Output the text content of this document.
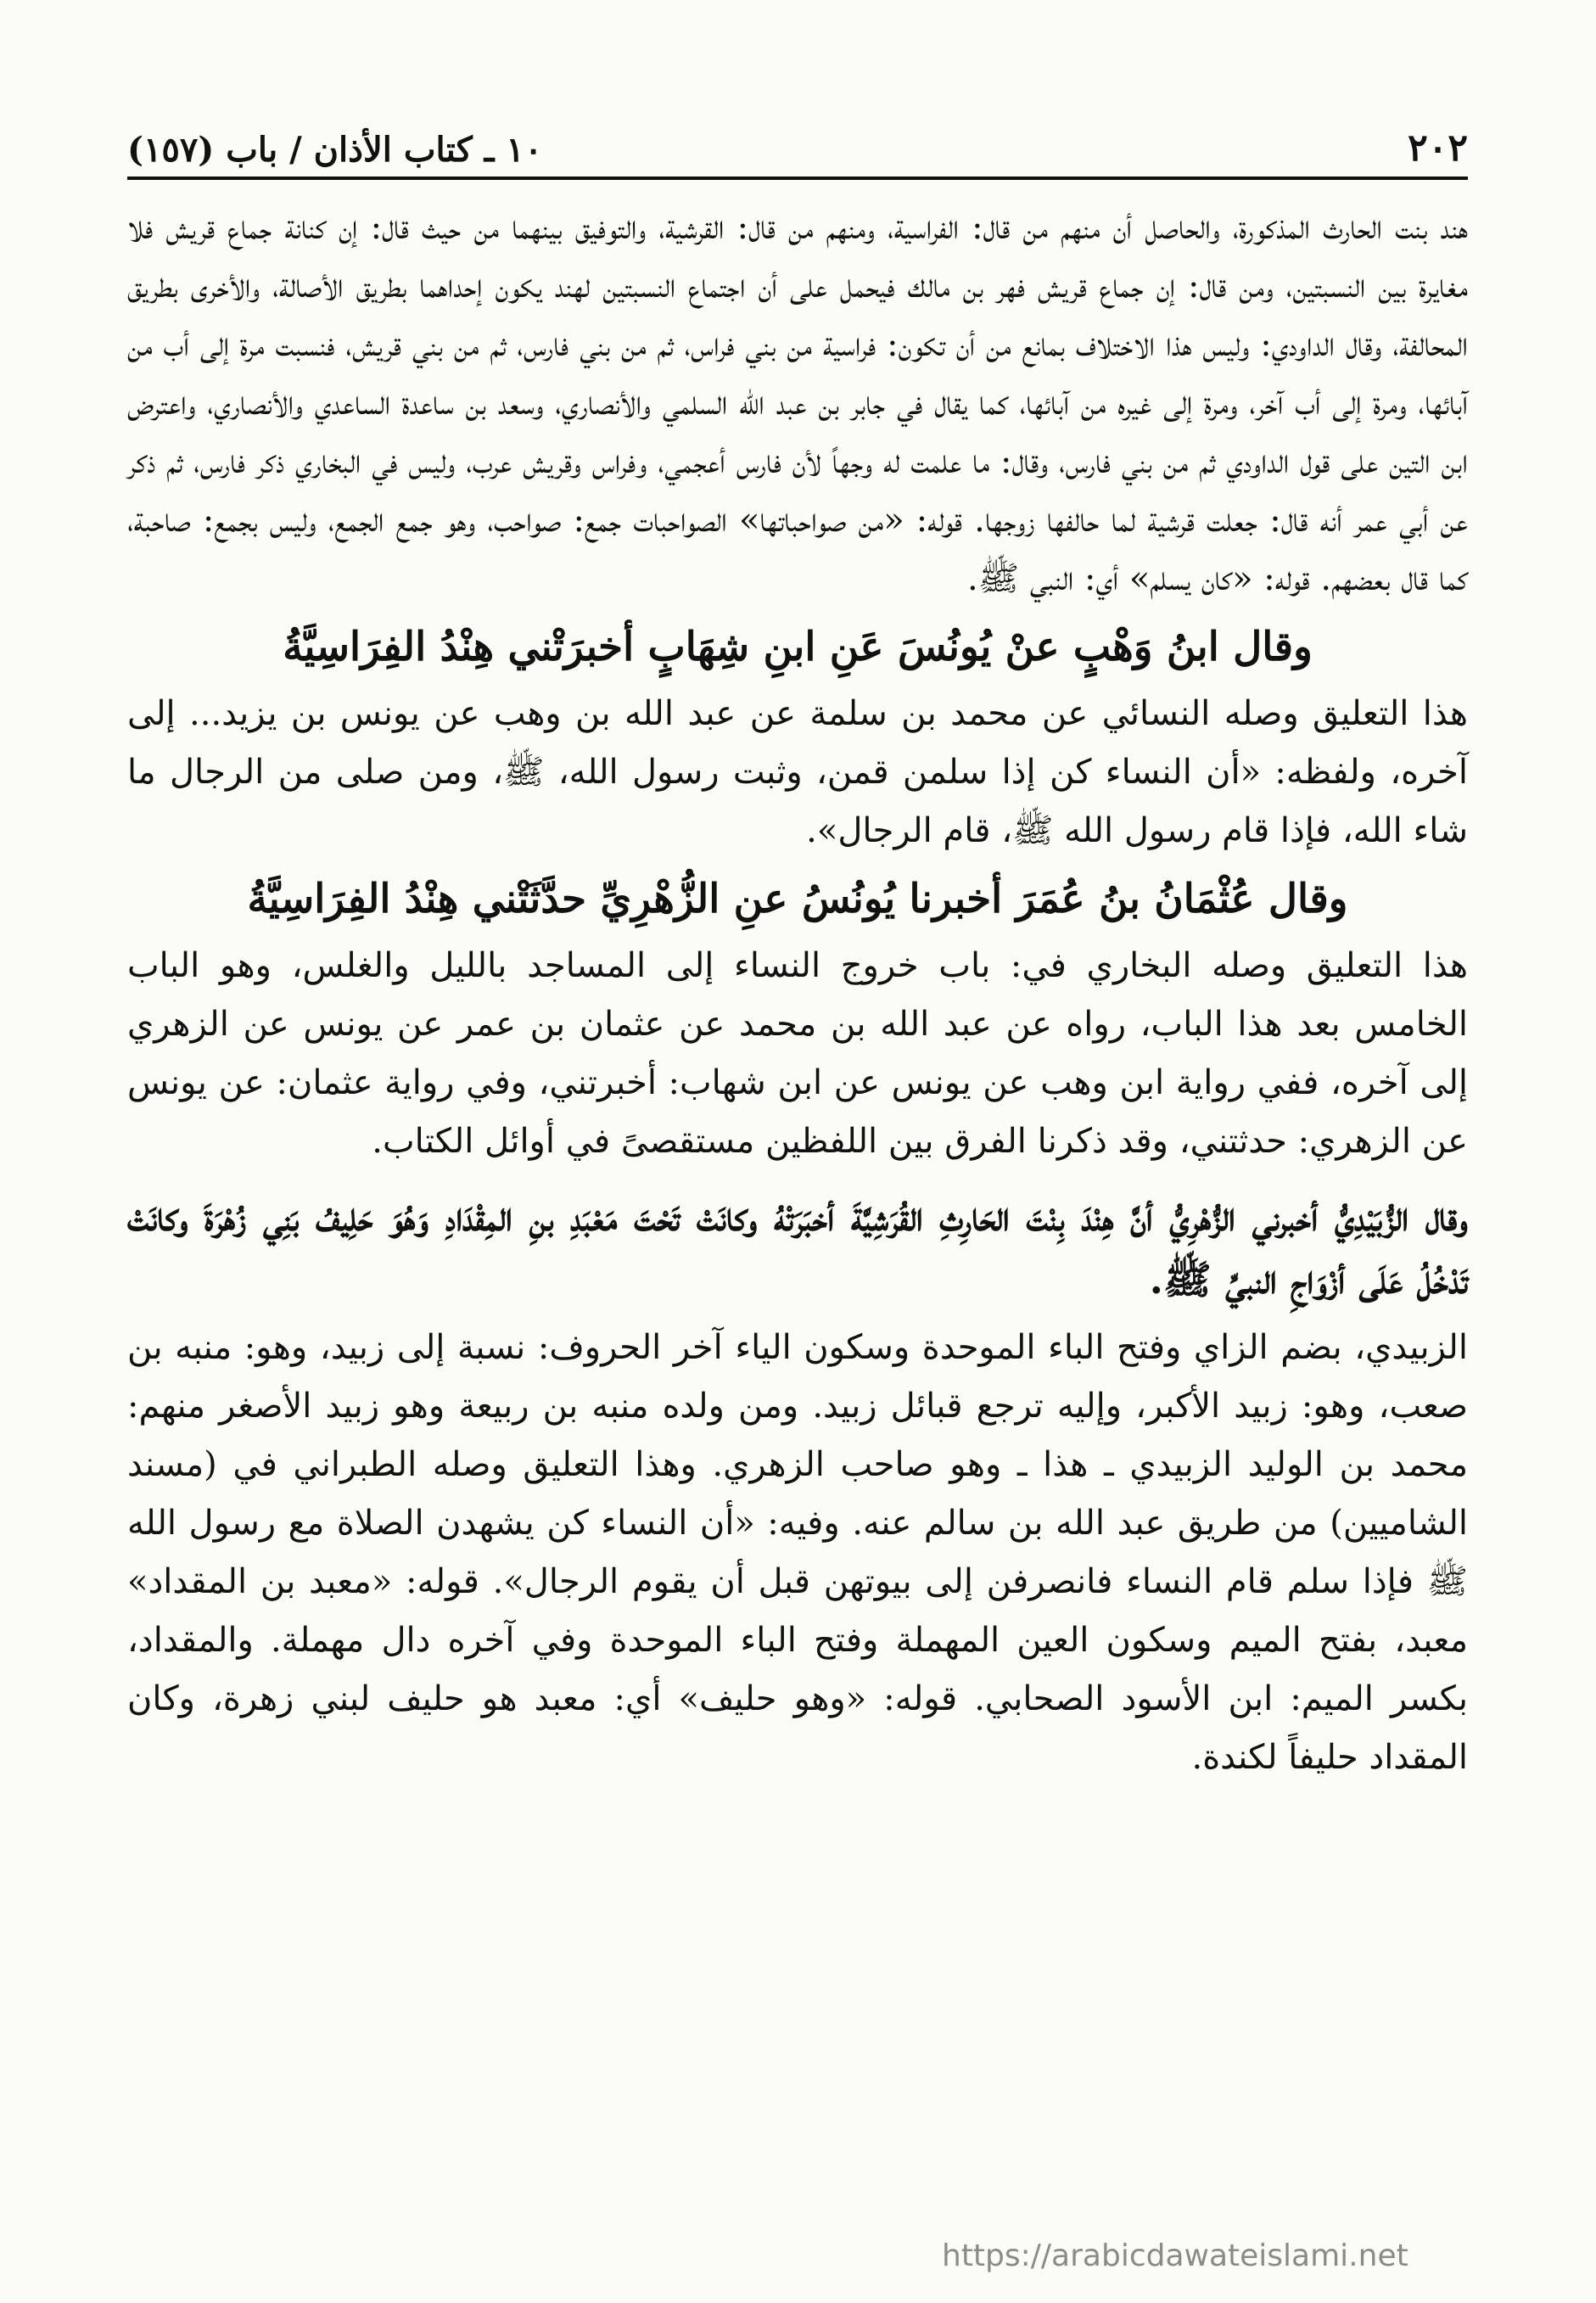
٢٠٢
١٠ ـ كتاب الأذان / باب (١٥٧)

هند بنت الحارث المذكورة، والحاصل أن منهم من قال: الفراسية، ومنهم من قال: القرشية، والتوفيق بينهما من حيث قال: إن كنانة جماع قريش فلا مغايرة بين النسبتين، ومن قال: إن جماع قريش فهر بن مالك فيحمل على أن اجتماع النسبتين لهند يكون إحداهما بطريق الأصالة، والأخرى بطريق المحالفة، وقال الداودي: وليس هذا الاختلاف بمانع من أن تكون: فراسية من بني فراس، ثم من بني فارس، ثم من بني قريش، فنسبت مرة إلى أب من آبائها، ومرة إلى أب آخر، ومرة إلى غيره من آبائها، كما يقال في جابر بن عبد الله السلمي والأنصاري، وسعد بن ساعدة الساعدي والأنصاري، واعترض ابن التين على قول الداودي ثم من بني فارس، وقال: ما علمت له وجهاً لأن فارس أعجمي، وفراس وقريش عرب، وليس في البخاري ذكر فارس، ثم ذكر عن أبي عمر أنه قال: جعلت قرشية لما حالفها زوجها. قوله: «من صواحباتها» الصواحبات جمع: صواحب، وهو جمع الجمع، وليس بجمع: صاحبة، كما قال بعضهم. قوله: «كان يسلم» أي: النبي ﷺ.

وقال ابنُ وَهْبٍ عنْ يُونُسَ عَنِ ابنِ شِهَابٍ أخبرَتْني هِنْدُ الفِرَاسِيَّةُ

هذا التعليق وصله النسائي عن محمد بن سلمة عن عبد الله بن وهب عن يونس بن يزيد... إلى آخره، ولفظه: «أن النساء كن إذا سلمن قمن، وثبت رسول الله، ﷺ، ومن صلى من الرجال ما شاء الله، فإذا قام رسول الله ﷺ، قام الرجال».

وقال عُثْمَانُ بنُ عُمَرَ أخبرنا يُونُسُ عنِ الزُّهْرِيِّ حدَّثَتْني هِنْدُ الفِرَاسِيَّةُ

هذا التعليق وصله البخاري في: باب خروج النساء إلى المساجد بالليل والغلس، وهو الباب الخامس بعد هذا الباب، رواه عن عبد الله بن محمد عن عثمان بن عمر عن يونس عن الزهري إلى آخره، ففي رواية ابن وهب عن يونس عن ابن شهاب: أخبرتني، وفي رواية عثمان: عن يونس عن الزهري: حدثتني، وقد ذكرنا الفرق بين اللفظين مستقصىً في أوائل الكتاب.

وقال الزُّبَيْدِيُّ أخبرني الزُّهْرِيُّ أنَّ هِنْدَ بِنْتَ الحَارِثِ القُرَشِيَّةَ أخبَرَتْهُ وكانَتْ تَحْتَ مَعْبَدِ بنِ المِقْدَادِ وَهُوَ حَلِيفُ بَنِي زُهْرَةَ وكانَتْ تَدْخُلُ عَلَى أزْوَاجِ النبيِّ ﷺ.

الزبيدي، بضم الزاي وفتح الباء الموحدة وسكون الياء آخر الحروف: نسبة إلى زبيد، وهو: منبه بن صعب، وهو: زبيد الأكبر، وإليه ترجع قبائل زبيد. ومن ولده منبه بن ربيعة وهو زبيد الأصغر منهم: محمد بن الوليد الزبيدي ـ هذا ـ وهو صاحب الزهري. وهذا التعليق وصله الطبراني في (مسند الشاميين) من طريق عبد الله بن سالم عنه. وفيه: «أن النساء كن يشهدن الصلاة مع رسول الله ﷺ فإذا سلم قام النساء فانصرفن إلى بيوتهن قبل أن يقوم الرجال». قوله: «معبد بن المقداد» معبد، بفتح الميم وسكون العين المهملة وفتح الباء الموحدة وفي آخره دال مهملة. والمقداد، بكسر الميم: ابن الأسود الصحابي. قوله: «وهو حليف» أي: معبد هو حليف لبني زهرة، وكان المقداد حليفاً لكندة.

https://arabicdawateislami.net
